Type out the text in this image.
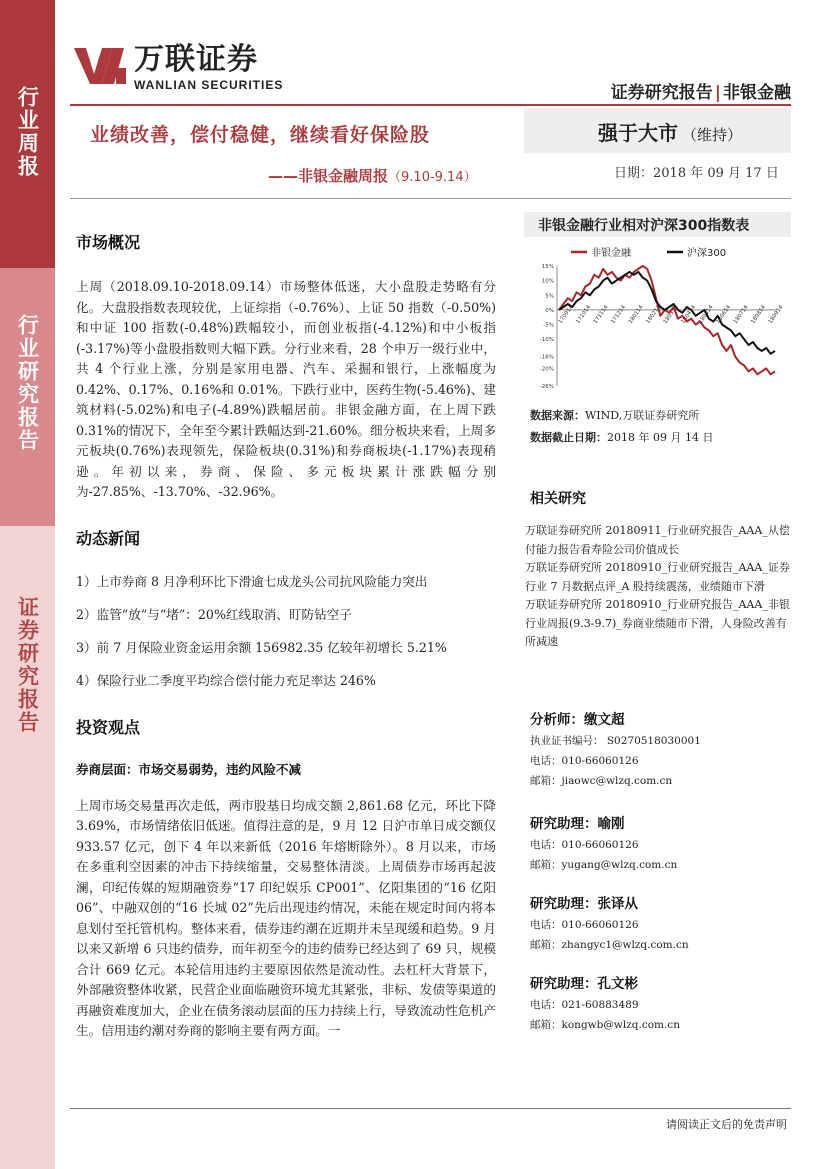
行业周报
行业研究报告
证券研究报告
万联证券
WANLIAN SECURITIES	证券研究报告 | 非银金融
业绩改善，偿付稳健，继续看好保险股
——非银金融周报（9.10-9.14）
强于大市 （维持）
日期：2018 年 09 月 17 日
市场概况

上周（2018.09.10-2018.09.14）市场整体低迷，大小盘股走势略有分化。大盘股指数表现较优，上证综指（-0.76%）、上证 50 指数（-0.50%)和中证 100 指数(-0.48%)跌幅较小，而创业板指(-4.12%)和中小板指(-3.17%)等小盘股指数则大幅下跌。分行业来看，28 个申万一级行业中，共 4 个行业上涨，分别是家用电器、汽车、采掘和银行，上涨幅度为 0.42%、0.17%、0.16%和 0.01%。下跌行业中，医药生物(-5.46%)、建筑材料(-5.02%)和电子(-4.89%)跌幅居前。非银金融方面，在上周下跌 0.31%的情况下，全年至今累计跌幅达到-21.60%。细分板块来看，上周多元板块(0.76%)表现领先，保险板块(0.31%)和券商板块(-1.17%)表现稍逊。年初以来，券商、保险、多元板块累计涨跌幅分别为-27.85%、-13.70%、-32.96%。

动态新闻
1）上市券商 8 月净利环比下滑逾七成龙头公司抗风险能力突出
2）监管“放”与“堵”：20%红线取消、盯防钻空子
3）前 7 月保险业资金运用余额 156982.35 亿较年初增长 5.21%
4）保险行业二季度平均综合偿付能力充足率达 246%
投资观点
券商层面：市场交易弱势，违约风险不减

上周市场交易量再次走低，两市股基日均成交额 2,861.68 亿元，环比下降 3.69%，市场情绪依旧低迷。值得注意的是，9 月 12 日沪市单日成交额仅 933.57 亿元，创下 4 年以来新低（2016 年熔断除外）。8 月以来，市场在多重利空因素的冲击下持续缩量，交易整体清淡。上周债券市场再起波澜，印纪传媒的短期融资券“17 印纪娱乐 CP001”、亿阳集团的“16 亿阳 06”、中融双创的“16 长城 02”先后出现违约情况，未能在规定时间内将本息划付至托管机构。整体来看，债券违约潮在近期并未呈现缓和趋势。9 月以来又新增 6 只违约债券，而年初至今的违约债券已经达到了 69 只，规模合计 669 亿元。本轮信用违约主要原因依然是流动性。去杠杆大背景下，外部融资整体收紧，民营企业面临融资环境尤其紧张，非标、发债等渠道的再融资难度加大，企业在债务滚动层面的压力持续上行，导致流动性危机产生。信用违约潮对券商的影响主要有两方面。一

非银金融行业相对沪深300指数表
非银金融	沪深300
15%
10%
5%
0%
-5%
-10%
-16%
-20%
-26%
170914 171014 171114 171214 180114 180214 180314 180414 180514 180614 180714 180814 180914
数据来源：WIND,万联证券研究所
数据截止日期：2018 年 09 月 14 日
相关研究
万联证券研究所 20180911_行业研究报告_AAA_从偿付能力报告看寿险公司价值成长
万联证券研究所 20180910_行业研究报告_AAA_证券行业 7 月数据点评_A 股持续震荡，业绩随市下滑
万联证券研究所 20180910_行业研究报告_AAA_非银行业周报(9.3-9.7)_券商业绩随市下滑，人身险改善有所减速
分析师：缴文超
执业证书编号： S0270518030001
电话：010-66060126
邮箱：jiaowc@wlzq.com.cn
研究助理：喻刚
电话：010-66060126
邮箱：yugang@wlzq.com.cn
研究助理：张译从
电话：010-66060126
邮箱：zhangyc1@wlzq.com.cn
研究助理：孔文彬
电话：021-60883489
邮箱：kongwb@wlzq.com.cn
请阅读正文后的免责声明
